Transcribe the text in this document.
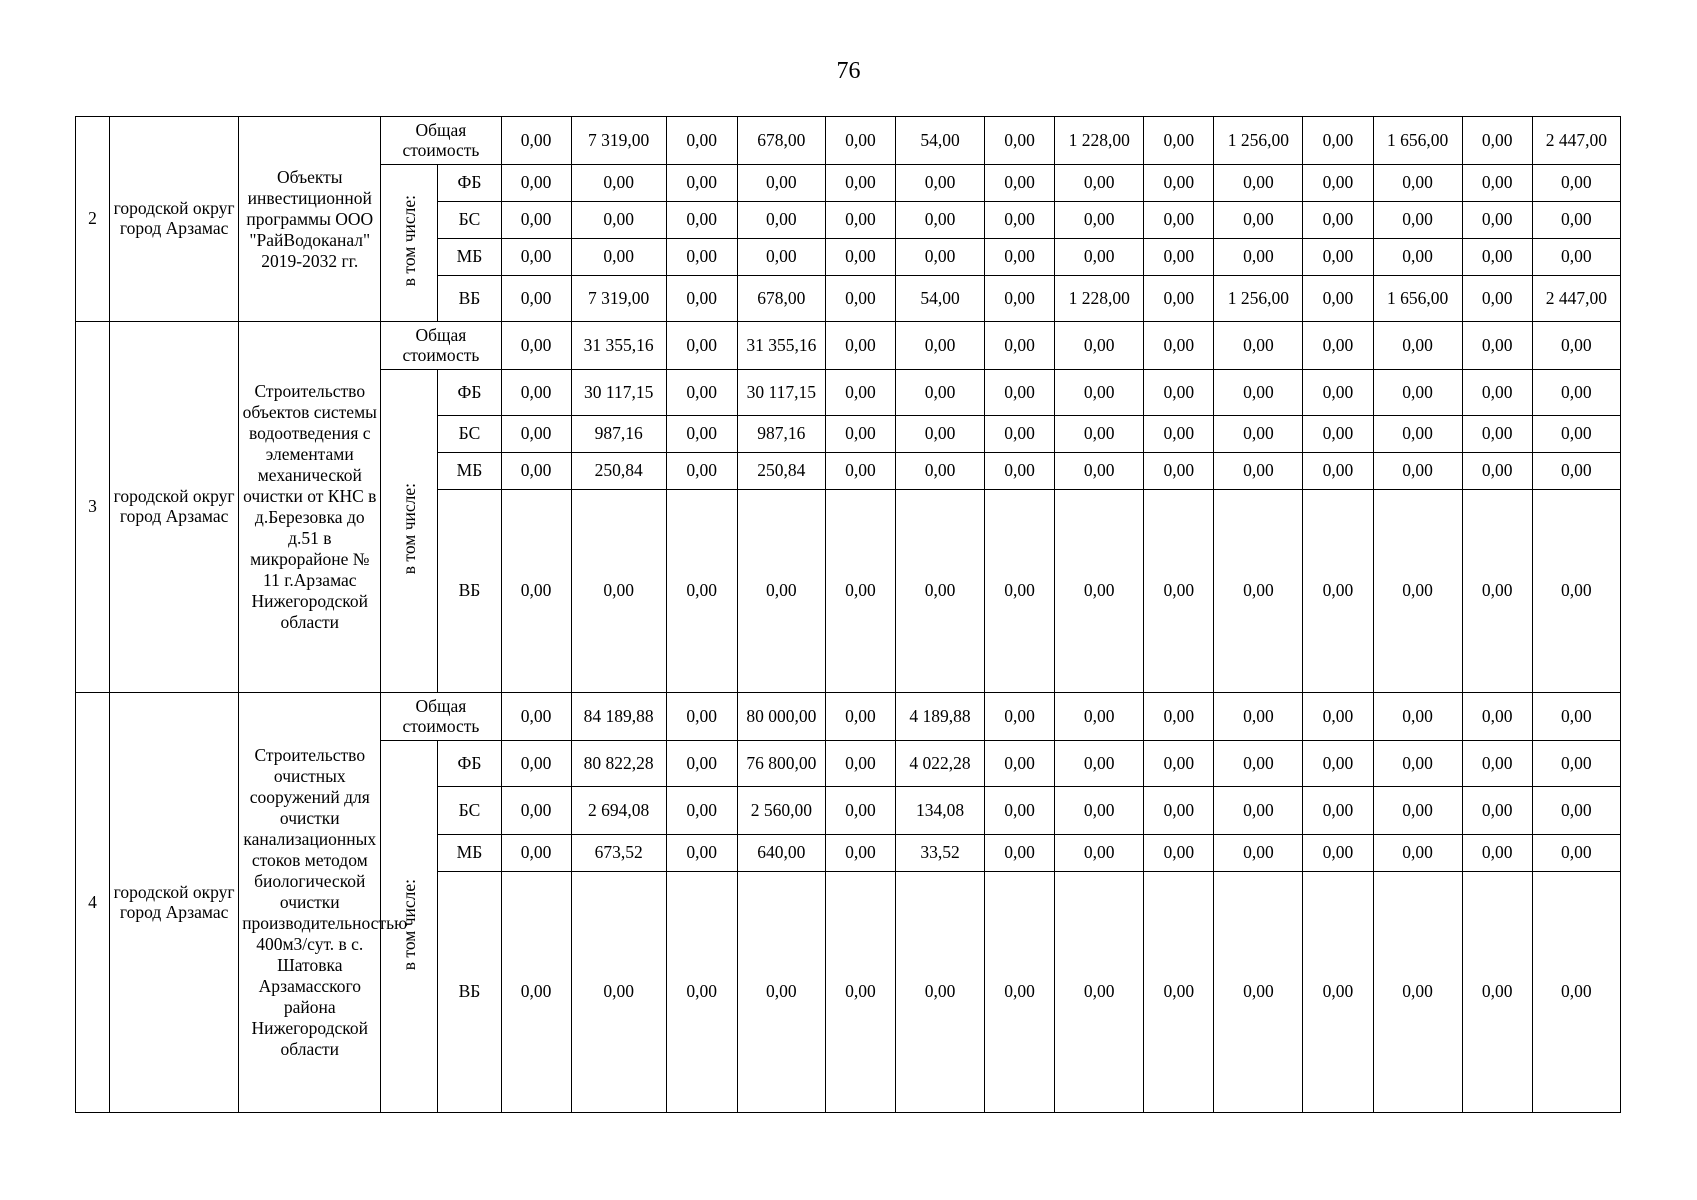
76
2	городской округ город Арзамас	Объекты инвестиционной программы ООО "РайВодоканал" 2019-2032 гг.	Общая стоимость		0,00	7 319,00	0,00	678,00	0,00	54,00	0,00	1 228,00	0,00	1 256,00	0,00	1 656,00	0,00	2 447,00
			в том числе:	ФБ	0,00	0,00	0,00	0,00	0,00	0,00	0,00	0,00	0,00	0,00	0,00	0,00	0,00	0,00
				БС	0,00	0,00	0,00	0,00	0,00	0,00	0,00	0,00	0,00	0,00	0,00	0,00	0,00	0,00
				МБ	0,00	0,00	0,00	0,00	0,00	0,00	0,00	0,00	0,00	0,00	0,00	0,00	0,00	0,00
				ВБ	0,00	7 319,00	0,00	678,00	0,00	54,00	0,00	1 228,00	0,00	1 256,00	0,00	1 656,00	0,00	2 447,00
3	городской округ город Арзамас	Строительство объектов системы водоотведения с элементами механической очистки от КНС в д.Березовка до д.51 в микрорайоне № 11 г.Арзамас Нижегородской области	Общая стоимость		0,00	31 355,16	0,00	31 355,16	0,00	0,00	0,00	0,00	0,00	0,00	0,00	0,00	0,00	0,00
			в том числе:	ФБ	0,00	30 117,15	0,00	30 117,15	0,00	0,00	0,00	0,00	0,00	0,00	0,00	0,00	0,00	0,00
				БС	0,00	987,16	0,00	987,16	0,00	0,00	0,00	0,00	0,00	0,00	0,00	0,00	0,00	0,00
				МБ	0,00	250,84	0,00	250,84	0,00	0,00	0,00	0,00	0,00	0,00	0,00	0,00	0,00	0,00
				ВБ	0,00	0,00	0,00	0,00	0,00	0,00	0,00	0,00	0,00	0,00	0,00	0,00	0,00	0,00
4	городской округ город Арзамас	Строительство очистных сооружений для очистки канализационных стоков методом биологической очистки производительностью 400м3/сут. в с. Шатовка Арзамасского района Нижегородской области	Общая стоимость		0,00	84 189,88	0,00	80 000,00	0,00	4 189,88	0,00	0,00	0,00	0,00	0,00	0,00	0,00	0,00
			в том числе:	ФБ	0,00	80 822,28	0,00	76 800,00	0,00	4 022,28	0,00	0,00	0,00	0,00	0,00	0,00	0,00	0,00
				БС	0,00	2 694,08	0,00	2 560,00	0,00	134,08	0,00	0,00	0,00	0,00	0,00	0,00	0,00	0,00
				МБ	0,00	673,52	0,00	640,00	0,00	33,52	0,00	0,00	0,00	0,00	0,00	0,00	0,00	0,00
				ВБ	0,00	0,00	0,00	0,00	0,00	0,00	0,00	0,00	0,00	0,00	0,00	0,00	0,00	0,00
